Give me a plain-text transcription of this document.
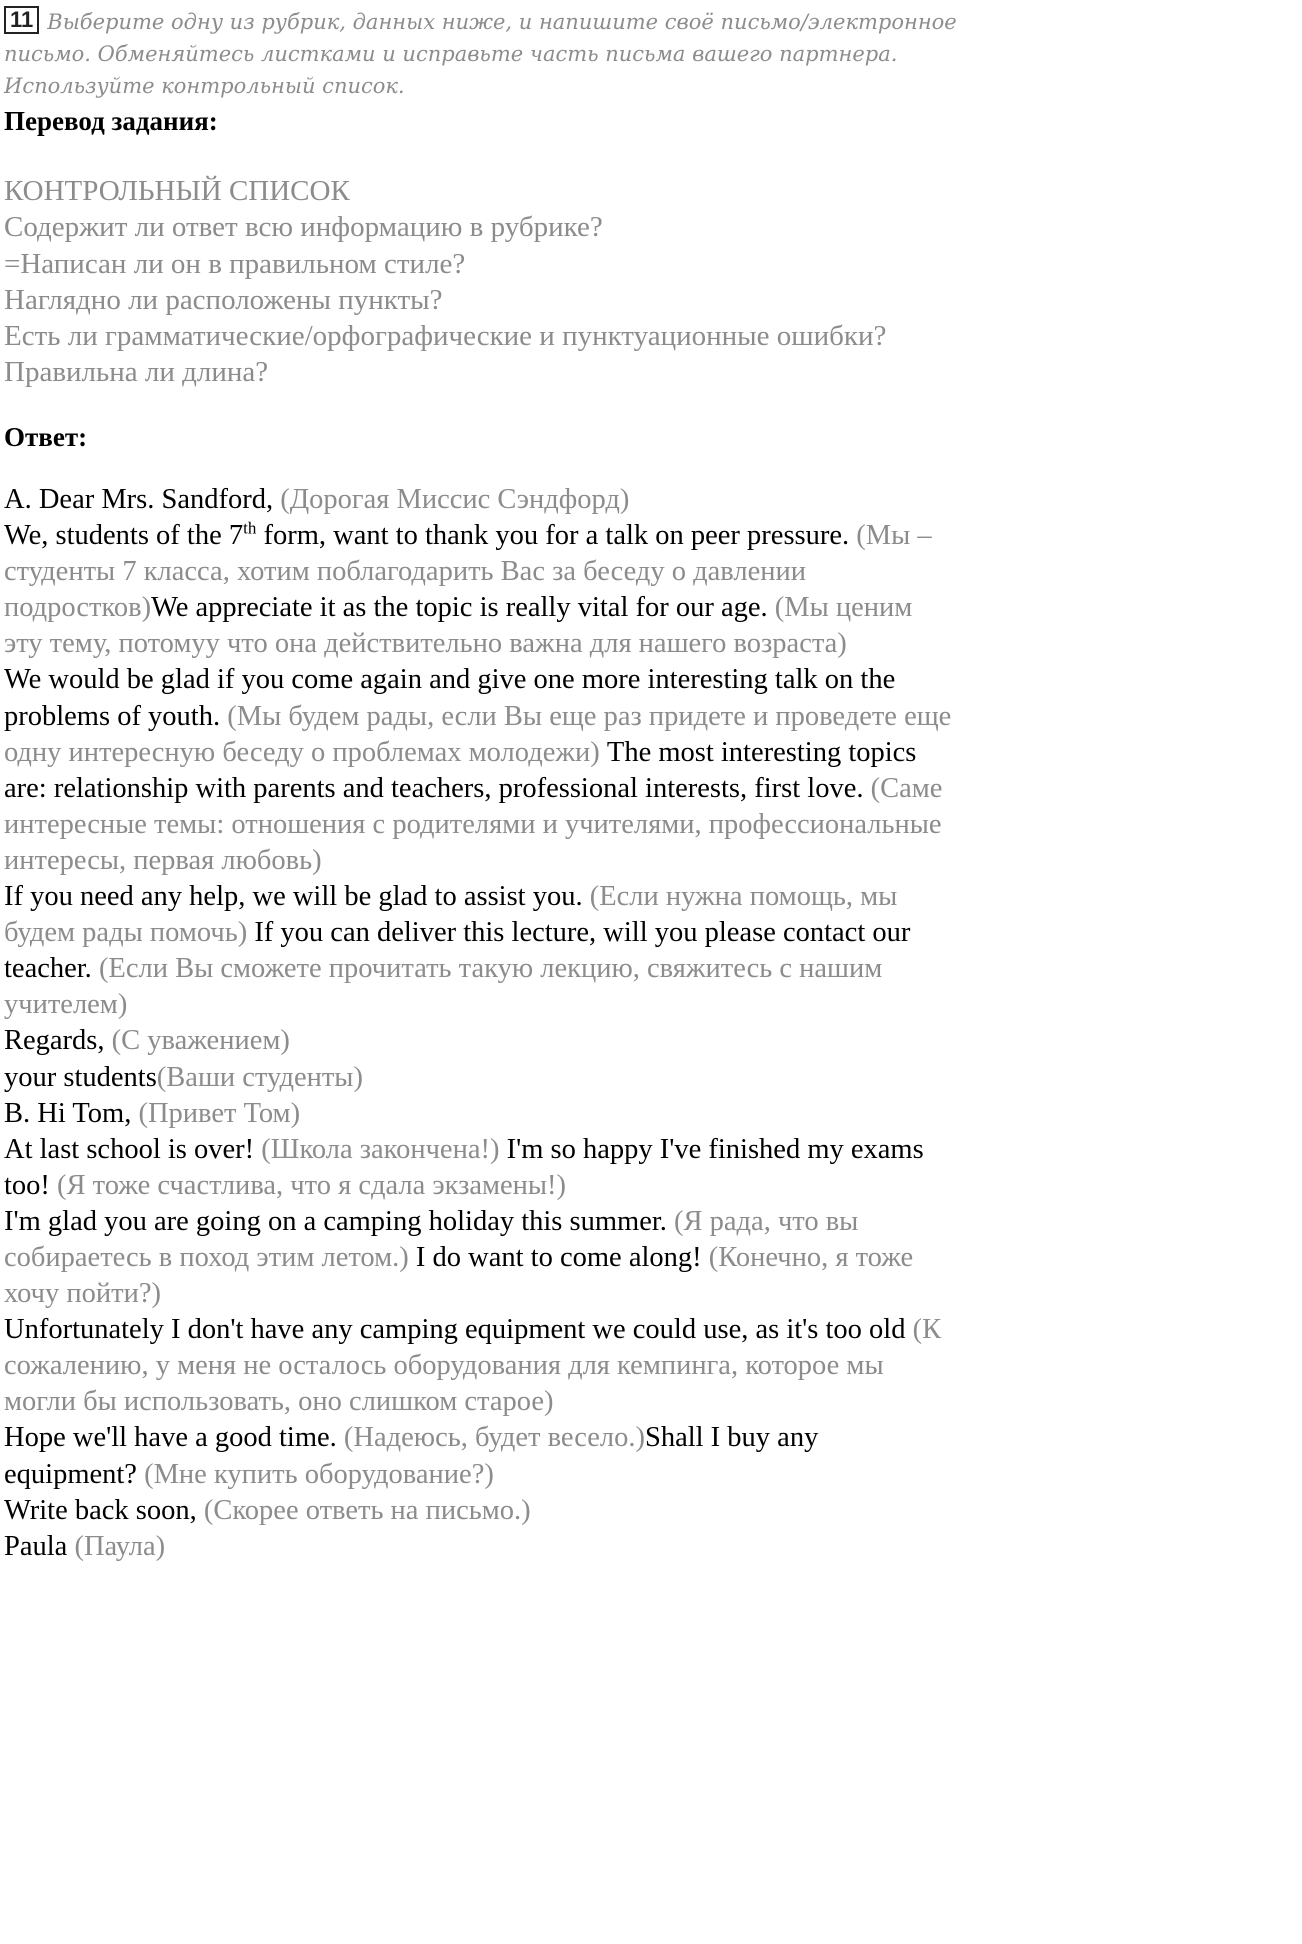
11 Выберите одну из рубрик, данных ниже, и напишите своё письмо/электронное
письмо. Обменяйтесь листками и исправьте часть письма вашего партнера.
Используйте контрольный список.
Перевод задания:
КОНТРОЛЬНЫЙ СПИСОК
Содержит ли ответ всю информацию в рубрике?
=Написан ли он в правильном стиле?
Наглядно ли расположены пункты?
Есть ли грамматические/орфографические и пунктуационные ошибки?
Правильна ли длина?
Ответ:
A. Dear Mrs. Sandford, (Дорогая Миссис Сэндфорд)
We, students of the 7th form, want to thank you for a talk on peer pressure. (Мы –
студенты 7 класса, хотим поблагодарить Вас за беседу о давлении
подростков)We appreciate it as the topic is really vital for our age. (Мы ценим
эту тему, потомуу что она действительно важна для нашего возраста)
We would be glad if you come again and give one more interesting talk on the
problems of youth. (Мы будем рады, если Вы еще раз придете и проведете еще
одну интересную беседу о проблемах молодежи) The most interesting topics
are: relationship with parents and teachers, professional interests, first love. (Саме
интересные темы: отношения с родителями и учителями, профессиональные
интересы, первая любовь)
If you need any help, we will be glad to assist you. (Если нужна помощь, мы
будем рады помочь) If you can deliver this lecture, will you please contact our
teacher. (Если Вы сможете прочитать такую лекцию, свяжитесь с нашим
учителем)
Regards, (С уважением)
your students(Ваши студенты)
B. Hi Tom, (Привет Том)
At last school is over! (Школа закончена!) I'm so happy I've finished my exams
too! (Я тоже счастлива, что я сдала экзамены!)
I'm glad you are going on a camping holiday this summer. (Я рада, что вы
собираетесь в поход этим летом.) I do want to come along! (Конечно, я тоже
хочу пойти?)
Unfortunately I don't have any camping equipment we could use, as it's too old (К
сожалению, у меня не осталось оборудования для кемпинга, которое мы
могли бы использовать, оно слишком старое)
Hope we'll have a good time. (Надеюсь, будет весело.)Shall I buy any
equipment? (Мне купить оборудование?)
Write back soon, (Скорее ответь на письмо.)
Paula (Паула)
